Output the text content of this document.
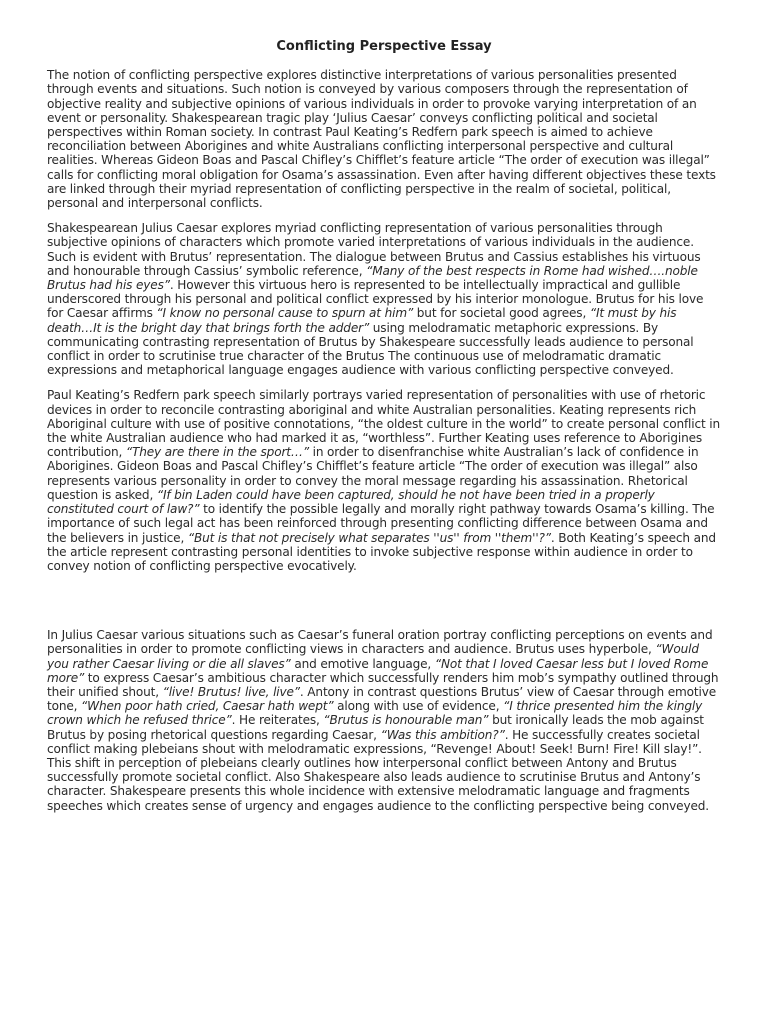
Conflicting Perspective Essay

The notion of conflicting perspective explores distinctive interpretations of various personalities presented through events and situations. Such notion is conveyed by various composers through the representation of objective reality and subjective opinions of various individuals in order to provoke varying interpretation of an event or personality. Shakespearean tragic play ‘Julius Caesar’ conveys conflicting political and societal perspectives within Roman society. In contrast Paul Keating’s Redfern park speech is aimed to achieve reconciliation between Aborigines and white Australians conflicting interpersonal perspective and cultural realities. Whereas Gideon Boas and Pascal Chifley’s Chifflet’s feature article “The order of execution was illegal” calls for conflicting moral obligation for Osama’s assassination. Even after having different objectives these texts are linked through their myriad representation of conflicting perspective in the realm of societal, political, personal and interpersonal conflicts.

Shakespearean Julius Caesar explores myriad conflicting representation of various personalities through subjective opinions of characters which promote varied interpretations of various individuals in the audience. Such is evident with Brutus’ representation. The dialogue between Brutus and Cassius establishes his virtuous and honourable through Cassius’ symbolic reference, “Many of the best respects in Rome had wished….noble Brutus had his eyes”. However this virtuous hero is represented to be intellectually impractical and gullible underscored through his personal and political conflict expressed by his interior monologue. Brutus for his love for Caesar affirms “I know no personal cause to spurn at him” but for societal good agrees, “It must by his death…It is the bright day that brings forth the adder” using melodramatic metaphoric expressions. By communicating contrasting representation of Brutus by Shakespeare successfully leads audience to personal conflict in order to scrutinise true character of the Brutus The continuous use of melodramatic dramatic expressions and metaphorical language engages audience with various conflicting perspective conveyed.

Paul Keating’s Redfern park speech similarly portrays varied representation of personalities with use of rhetoric devices in order to reconcile contrasting aboriginal and white Australian personalities. Keating represents rich Aboriginal culture with use of positive connotations, “the oldest culture in the world” to create personal conflict in the white Australian audience who had marked it as, “worthless”. Further Keating uses reference to Aborigines contribution, “They are there in the sport…” in order to disenfranchise white Australian’s lack of confidence in Aborigines. Gideon Boas and Pascal Chifley’s Chifflet’s feature article “The order of execution was illegal” also represents various personality in order to convey the moral message regarding his assassination. Rhetorical question is asked, “If bin Laden could have been captured, should he not have been tried in a properly constituted court of law?” to identify the possible legally and morally right pathway towards Osama’s killing. The importance of such legal act has been reinforced through presenting conflicting difference between Osama and the believers in justice, “But is that not precisely what separates ''us'' from ''them''?”. Both Keating’s speech and the article represent contrasting personal identities to invoke subjective response within audience in order to convey notion of conflicting perspective evocatively.

In Julius Caesar various situations such as Caesar’s funeral oration portray conflicting perceptions on events and personalities in order to promote conflicting views in characters and audience. Brutus uses hyperbole, “Would you rather Caesar living or die all slaves” and emotive language, “Not that I loved Caesar less but I loved Rome more” to express Caesar’s ambitious character which successfully renders him mob’s sympathy outlined through their unified shout, “live! Brutus! live, live”. Antony in contrast questions Brutus’ view of Caesar through emotive tone, “When poor hath cried, Caesar hath wept” along with use of evidence, “I thrice presented him the kingly crown which he refused thrice”. He reiterates, “Brutus is honourable man” but ironically leads the mob against Brutus by posing rhetorical questions regarding Caesar, “Was this ambition?”. He successfully creates societal conflict making plebeians shout with melodramatic expressions, “Revenge! About! Seek! Burn! Fire! Kill slay!”. This shift in perception of plebeians clearly outlines how interpersonal conflict between Antony and Brutus successfully promote societal conflict. Also Shakespeare also leads audience to scrutinise Brutus and Antony’s character. Shakespeare presents this whole incidence with extensive melodramatic language and fragments speeches which creates sense of urgency and engages audience to the conflicting perspective being conveyed.
